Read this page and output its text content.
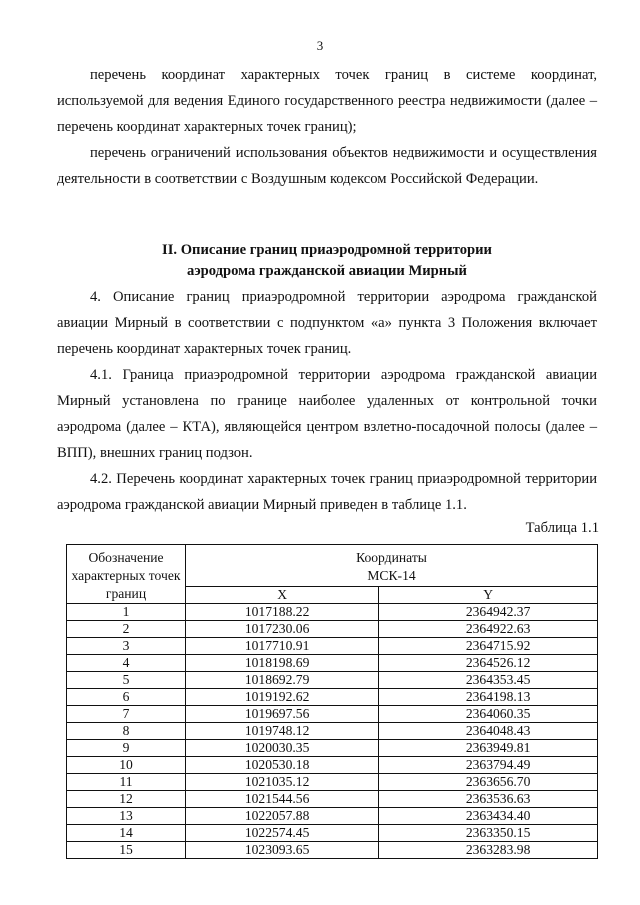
3

перечень координат характерных точек границ в системе координат, используемой для ведения Единого государственного реестра недвижимости (далее – перечень координат характерных точек границ);

перечень ограничений использования объектов недвижимости и осуществления деятельности в соответствии с Воздушным кодексом Российской Федерации.

II. Описание границ приаэродромной территории
аэродрома гражданской авиации Мирный

4. Описание границ приаэродромной территории аэродрома гражданской авиации Мирный в соответствии с подпунктом «а» пункта 3 Положения включает перечень координат характерных точек границ.

4.1. Граница приаэродромной территории аэродрома гражданской авиации Мирный установлена по границе наиболее удаленных от контрольной точки аэродрома (далее – КТА), являющейся центром взлетно-посадочной полосы (далее – ВПП), внешних границ подзон.

4.2. Перечень координат характерных точек границ приаэродромной территории аэродрома гражданской авиации Мирный приведен в таблице 1.1.

Таблица 1.1
Обозначение характерных точек границ	Координаты
МСК-14	

	X	Y
1	1017188.22	2364942.37
2	1017230.06	2364922.63
3	1017710.91	2364715.92
4	1018198.69	2364526.12
5	1018692.79	2364353.45
6	1019192.62	2364198.13
7	1019697.56	2364060.35
8	1019748.12	2364048.43
9	1020030.35	2363949.81
10	1020530.18	2363794.49
11	1021035.12	2363656.70
12	1021544.56	2363536.63
13	1022057.88	2363434.40
14	1022574.45	2363350.15
15	1023093.65	2363283.98
